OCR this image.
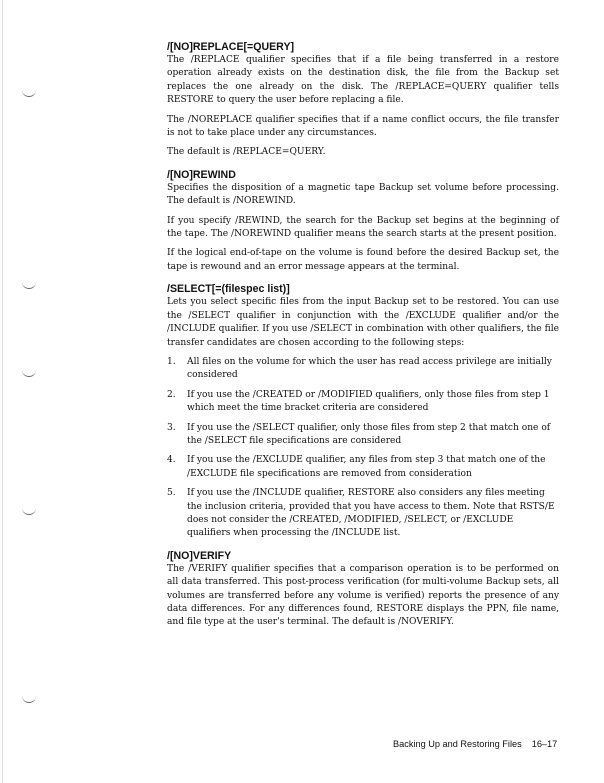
/[NO]REPLACE[=QUERY]

The /REPLACE qualifier specifies that if a file being transferred in a restore operation already exists on the destination disk, the file from the Backup set replaces the one already on the disk. The /REPLACE=QUERY qualifier tells RESTORE to query the user before replacing a file.

The /NOREPLACE qualifier specifies that if a name conflict occurs, the file transfer is not to take place under any circumstances.

The default is /REPLACE=QUERY.

/[NO]REWIND

Specifies the disposition of a magnetic tape Backup set volume before processing. The default is /NOREWIND.

If you specify /REWIND, the search for the Backup set begins at the beginning of the tape. The /NOREWIND qualifier means the search starts at the present position.

If the logical end-of-tape on the volume is found before the desired Backup set, the tape is rewound and an error message appears at the terminal.

/SELECT[=(filespec list)]

Lets you select specific files from the input Backup set to be restored. You can use the /SELECT qualifier in conjunction with the /EXCLUDE qualifier and/or the /INCLUDE qualifier. If you use /SELECT in combination with other qualifiers, the file transfer candidates are chosen according to the following steps:

1.	All files on the volume for which the user has read access privilege are initially considered
2.	If you use the /CREATED or /MODIFIED qualifiers, only those files from step 1 which meet the time bracket criteria are considered
3.	If you use the /SELECT qualifier, only those files from step 2 that match one of the /SELECT file specifications are considered
4.	If you use the /EXCLUDE qualifier, any files from step 3 that match one of the /EXCLUDE file specifications are removed from consideration
5.	If you use the /INCLUDE qualifier, RESTORE also considers any files meeting the inclusion criteria, provided that you have access to them. Note that RSTS/E does not consider the /CREATED, /MODIFIED, /SELECT, or /EXCLUDE qualifiers when processing the /INCLUDE list.

/[NO]VERIFY

The /VERIFY qualifier specifies that a comparison operation is to be performed on all data transferred. This post-process verification (for multi-volume Backup sets, all volumes are transferred before any volume is verified) reports the presence of any data differences. For any differences found, RESTORE displays the PPN, file name, and file type at the user's terminal. The default is /NOVERIFY.

Backing Up and Restoring Files 16–17
